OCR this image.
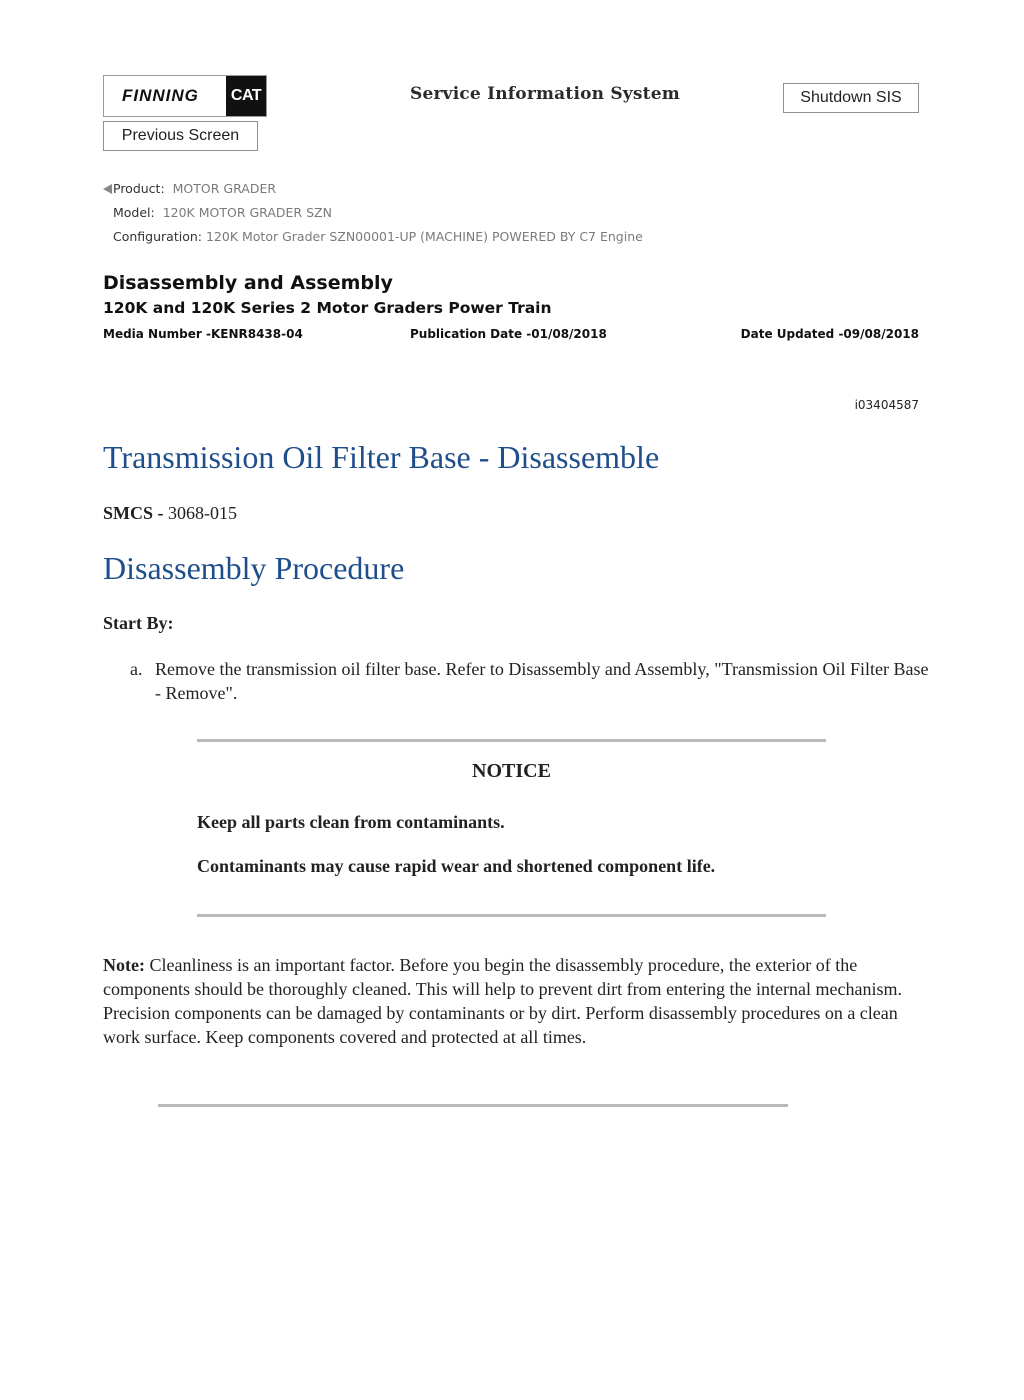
FINNING	CAT	Service Information System	Shutdown SIS
Previous Screen
Product: MOTOR GRADER
Model: 120K MOTOR GRADER SZN
Configuration: 120K Motor Grader SZN00001-UP (MACHINE) POWERED BY C7 Engine
Disassembly and Assembly
120K and 120K Series 2 Motor Graders Power Train
Media Number -KENR8438-04	Publication Date -01/08/2018	Date Updated -09/08/2018
i03404587
Transmission Oil Filter Base - Disassemble
SMCS - 3068-015
Disassembly Procedure
Start By:
a. Remove the transmission oil filter base. Refer to Disassembly and Assembly, "Transmission Oil Filter Base - Remove".
NOTICE
Keep all parts clean from contaminants.
Contaminants may cause rapid wear and shortened component life.
Note: Cleanliness is an important factor. Before you begin the disassembly procedure, the exterior of the components should be thoroughly cleaned. This will help to prevent dirt from entering the internal mechanism. Precision components can be damaged by contaminants or by dirt. Perform disassembly procedures on a clean work surface. Keep components covered and protected at all times.
